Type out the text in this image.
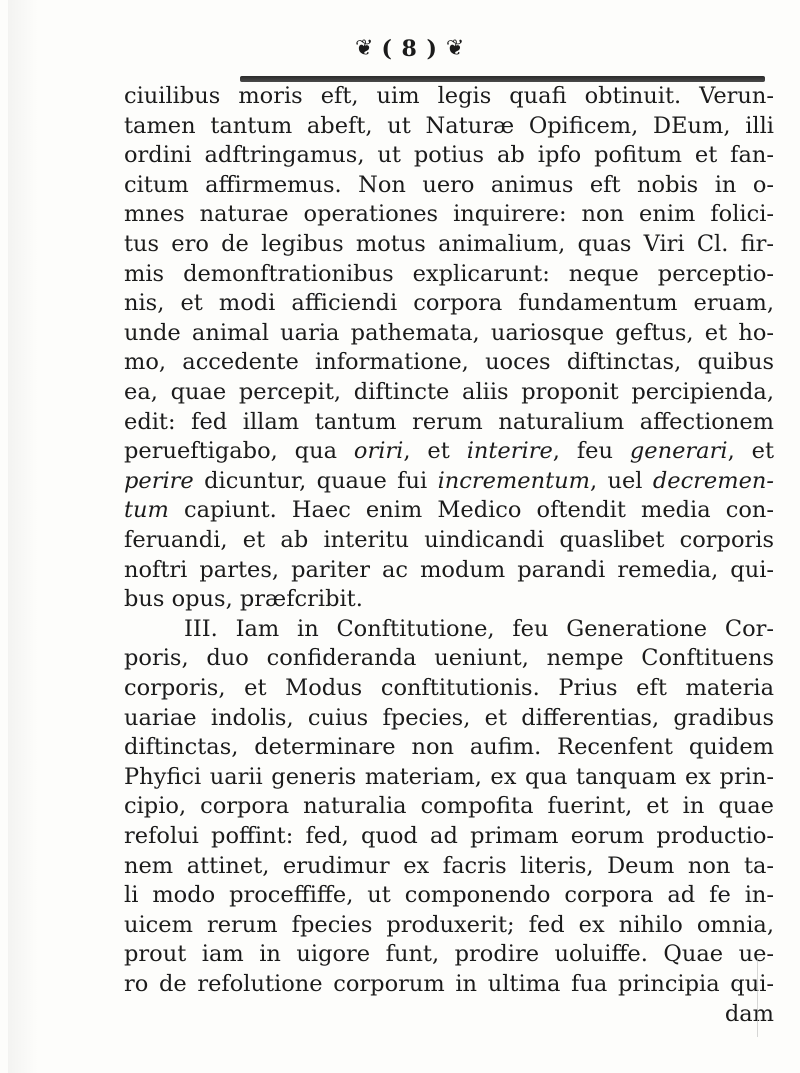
❦ ( 8 ) ❦
ciuilibus moris eft, uim legis quafi obtinuit. Verun-
tamen tantum abeft, ut Naturæ Opificem, DEum, illi
ordini adftringamus, ut potius ab ipfo pofitum et fan-
citum affirmemus. Non uero animus eft nobis in o-
mnes naturae operationes inquirere: non enim folici-
tus ero de legibus motus animalium, quas Viri Cl. fir-
mis demonftrationibus explicarunt: neque perceptio-
nis, et modi afficiendi corpora fundamentum eruam,
unde animal uaria pathemata, uariosque geftus, et ho-
mo, accedente informatione, uoces diftinctas, quibus
ea, quae percepit, diftincte aliis proponit percipienda,
edit: fed illam tantum rerum naturalium affectionem
perueftigabo, qua oriri, et interire, feu generari, et
perire dicuntur, quaue fui incrementum, uel decremen-
tum capiunt. Haec enim Medico oftendit media con-
feruandi, et ab interitu uindicandi quaslibet corporis
noftri partes, pariter ac modum parandi remedia, qui-
bus opus, præfcribit.
III. Iam in Conftitutione, feu Generatione Cor-
poris, duo confideranda ueniunt, nempe Conftituens
corporis, et Modus conftitutionis. Prius eft materia
uariae indolis, cuius fpecies, et differentias, gradibus
diftinctas, determinare non aufim. Recenfent quidem
Phyfici uarii generis materiam, ex qua tanquam ex prin-
cipio, corpora naturalia compofita fuerint, et in quae
refolui poffint: fed, quod ad primam eorum productio-
nem attinet, erudimur ex facris literis, Deum non ta-
li modo proceffiffe, ut componendo corpora ad fe in-
uicem rerum fpecies produxerit; fed ex nihilo omnia,
prout iam in uigore funt, prodire uoluiffe. Quae ue-
ro de refolutione corporum in ultima fua principia qui-
dam
